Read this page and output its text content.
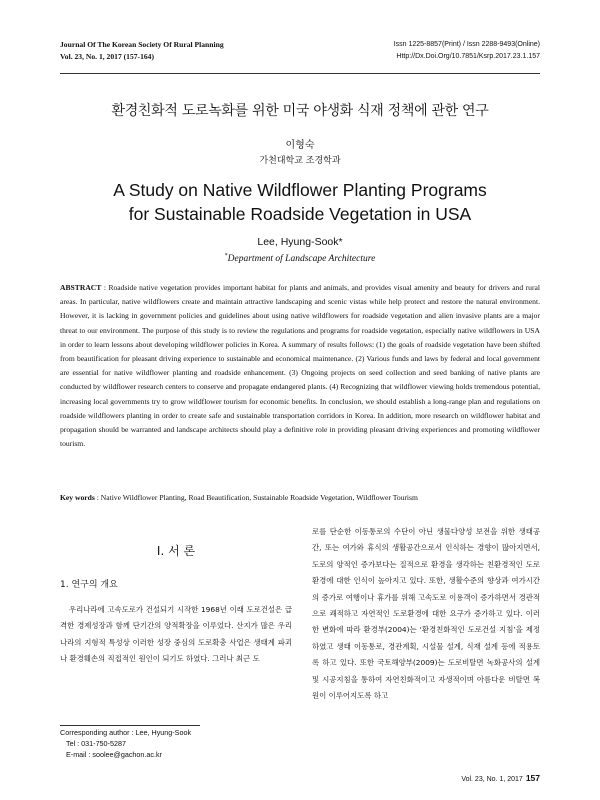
Journal Of The Korean Society Of Rural Planning
Vol. 23, No. 1, 2017 (157-164)
Issn 1225-8857(Print) / Issn 2288-9493(Online)
Http://Dx.Doi.Org/10.7851/Ksrp.2017.23.1.157
환경친화적 도로녹화를 위한 미국 야생화 식재 정책에 관한 연구
이형숙
가천대학교 조경학과
A Study on Native Wildflower Planting Programs
for Sustainable Roadside Vegetation in USA
Lee, Hyung-Sook*
*Department of Landscape Architecture
ABSTRACT : Roadside native vegetation provides important habitat for plants and animals, and provides visual amenity and beauty for drivers and rural areas. In particular, native wildflowers create and maintain attractive landscaping and scenic vistas while help protect and restore the natural environment. However, it is lacking in government policies and guidelines about using native wildflowers for roadside vegetation and alien invasive plants are a major threat to our environment. The purpose of this study is to review the regulations and programs for roadside vegetation, especially native wildflowers in USA in order to learn lessons about developing wildflower policies in Korea. A summary of results follows: (1) the goals of roadside vegetation have been shifted from beautification for pleasant driving experience to sustainable and economical maintenance. (2) Various funds and laws by federal and local government are essential for native wildflower planting and roadside enhancement. (3) Ongoing projects on seed collection and seed banking of native plants are conducted by wildflower research centers to conserve and propagate endangered plants. (4) Recognizing that wildflower viewing holds tremendous potential, increasing local governments try to grow wildflower tourism for economic benefits. In conclusion, we should establish a long-range plan and regulations on roadside wildflowers planting in order to create safe and sustainable transportation corridors in Korea. In addition, more research on wildflower habitat and propagation should be warranted and landscape architects should play a definitive role in providing pleasant driving experiences and promoting wildflower tourism.
Key words : Native Wildflower Planting, Road Beautification, Sustainable Roadside Vegetation, Wildflower Tourism
Ⅰ. 서 론
1. 연구의 개요
우리나라에 고속도로가 건설되기 시작한 1968년 이래 도로건설은 급격한 경제성장과 함께 단기간의 양적확장을 이루었다. 산지가 많은 우리나라의 지형적 특성상 이러한 성장 중심의 도로확충 사업은 생태계 파괴나 환경훼손의 직접적인 원인이 되기도 하였다. 그러나 최근 도
로를 단순한 이동통로의 수단이 아닌 생물다양성 보전을 위한 생태공간, 또는 여가와 휴식의 생활공간으로서 인식하는 경향이 많아지면서, 도로의 양적인 증가보다는 질적으로 환경을 생각하는 친환경적인 도로환경에 대한 인식이 높아지고 있다. 또한, 생활수준의 향상과 여가시간의 증가로 여행이나 휴가를 위해 고속도로 이용객이 증가하면서 경관적으로 쾌적하고 자연적인 도로환경에 대한 요구가 증가하고 있다. 이러한 변화에 따라 환경부(2004)는 ‘환경친화적인 도로건설 지침’을 제정하였고 생태 이동통로, 경관계획, 시설물 설계, 식재 설계 등에 적용토록 하고 있다. 또한 국토해양부(2009)는 도로비탈면 녹화공사의 설계 및 시공지침을 통하여 자연친화적이고 자생적이며 아름다운 비탈면 복원이 이루어지도록 하고
Corresponding author : Lee, Hyung-Sook
Tel : 031-750-5287
E-mail : soolee@gachon.ac.kr
Vol. 23, No. 1, 2017 157
